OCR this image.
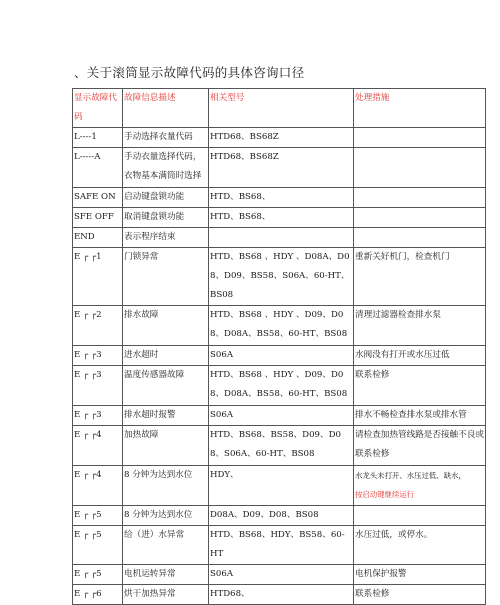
、关于滚筒显示故障代码的具体咨询口径
显示故障代码	故障信息描述	相关型号	处理措施
L----1	手动选择衣量代码	HTD68、BS68Z	
L-----A	手动衣量选择代码，衣物基本满筒时选择	HTD68、BS68Z	
SAFE ON	启动键盘锁功能	HTD、BS68、	
SFE OFF	取消键盘锁功能	HTD、BS68、	
END	表示程序结束		
E ┌ ┌1	门锁异常	HTD、BS68 、HDY 、D08A、D08、D09、BS58、S06A、60-HT、BS08	重新关好机门，检查机门
E ┌ ┌2	排水故障	HTD、BS68 、HDY 、D09、D08、D08A、BS58、60-HT、BS08	清理过滤器检查排水泵
E ┌ ┌3	进水超时	S06A	水阀没有打开或水压过低
E ┌ ┌3	温度传感器故障	HTD、BS68 、HDY 、D09、D08、D08A、BS58、60-HT、BS08	联系检修
E ┌ ┌3	排水超时报警	S06A	排水不畅检查排水泵或排水管
E ┌ ┌4	加热故障	HTD、BS68、BS58、D09、D08、S06A、60-HT、BS08	请检查加热管线路是否接触不良或联系检修
E ┌ ┌4	8 分钟为达到水位	HDY、	水龙头未打开、水压过低、缺水，
按启动键继续运行

E ┌ ┌5	8 分钟为达到水位	D08A、D09、D08、BS08	
E ┌ ┌5	给（进）水异常	HTD、BS68、HDY、BS58、60-HT	水压过低，或停水。
E ┌ ┌5	电机运转异常	S06A	电机保护报警
E ┌ ┌6	烘干加热异常	HTD68、	联系检修
